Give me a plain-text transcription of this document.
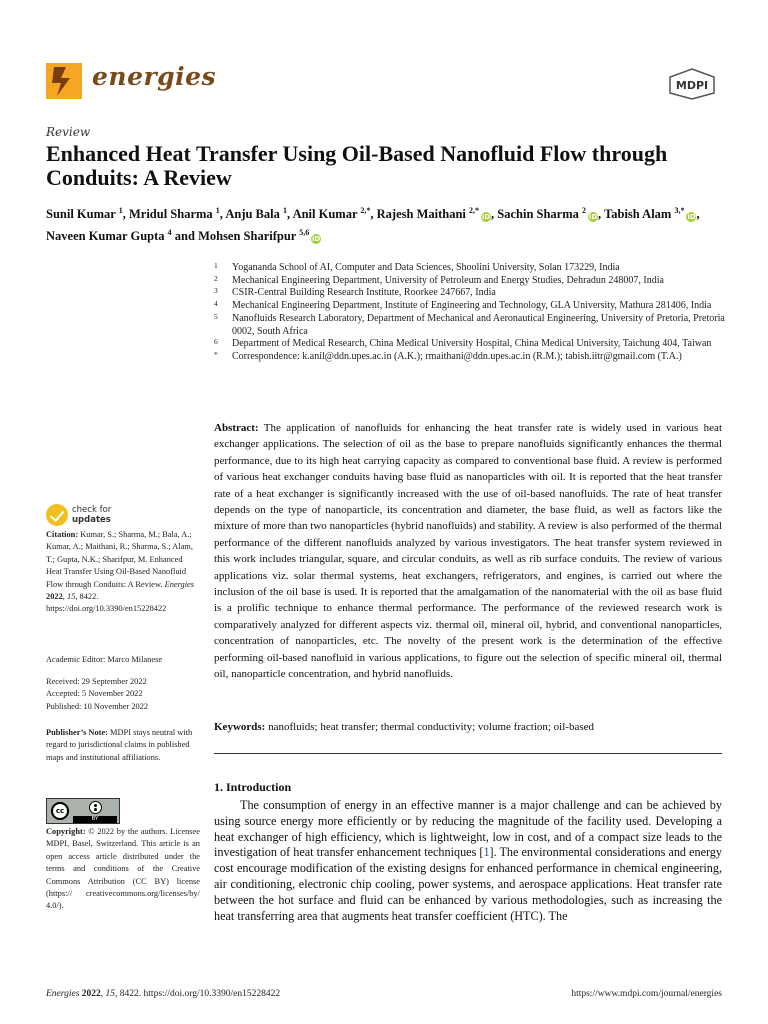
energies	MDPI
Review
Enhanced Heat Transfer Using Oil-Based Nanofluid Flow through Conduits: A Review
Sunil Kumar $^1$, Mridul Sharma $^1$, Anju Bala $^1$, Anil Kumar $^{2,*}$, Rajesh Maithani $^{2,*}$iD, Sachin Sharma $^2$iD, Tabish Alam $^{3,*}$iD, Naveen Kumar Gupta $^4$ and Mohsen Sharifpur $^{5,6}$iD
1 Yogananda School of AI, Computer and Data Sciences, Shoolini University, Solan 173229, India
2 Mechanical Engineering Department, University of Petroleum and Energy Studies, Dehradun 248007, India
3 CSIR-Central Building Research Institute, Roorkee 247667, India
4 Mechanical Engineering Department, Institute of Engineering and Technology, GLA University, Mathura 281406, India
5 Nanofluids Research Laboratory, Department of Mechanical and Aeronautical Engineering, University of Pretoria, Pretoria 0002, South Africa
6 Department of Medical Research, China Medical University Hospital, China Medical University, Taichung 404, Taiwan
* Correspondence: k.anil@ddn.upes.ac.in (A.K.); rmaithani@ddn.upes.ac.in (R.M.); tabish.iitr@gmail.com (T.A.)
Abstract: The application of nanofluids for enhancing the heat transfer rate is widely used in various heat exchanger applications. The selection of oil as the base to prepare nanofluids significantly enhances the thermal performance, due to its high heat carrying capacity as compared to conventional base fluid. A review is performed of various heat exchanger conduits having base fluid as nanoparticles with oil. It is reported that the heat transfer rate of a heat exchanger is significantly increased with the use of oil-based nanofluids. The rate of heat transfer depends on the type of nanoparticle, its concentration and diameter, the base fluid, as well as factors like the mixture of more than two nanoparticles (hybrid nanofluids) and stability. A review is also performed of the thermal performance of the different nanofluids analyzed by various investigators. The heat transfer system reviewed in this work includes triangular, square, and circular conduits, as well as rib surface conduits. The review of various applications viz. solar thermal systems, heat exchangers, refrigerators, and engines, is carried out where the inclusion of the oil base is used. It is reported that the amalgamation of the nanomaterial with the oil as base fluid is a prolific technique to enhance thermal performance. The performance of the reviewed research work is comparatively analyzed for different aspects viz. thermal oil, mineral oil, hybrid, and conventional nanoparticles, concentration of nanoparticles, etc. The novelty of the present work is the determination of the effective performing oil-based nanofluid in various applications, to figure out the selection of specific mineral oil, thermal oil, nanoparticle concentration, and hybrid nanofluids.
Keywords: nanofluids; heat transfer; thermal conductivity; volume fraction; oil-based
1. Introduction
The consumption of energy in an effective manner is a major challenge and can be achieved by using source energy more efficiently or by reducing the magnitude of the facility used. Developing a heat exchanger of high efficiency, which is lightweight, low in cost, and of a compact size leads to the investigation of heat transfer enhancement techniques [1]. The environmental considerations and energy cost encourage modification of the existing designs for enhanced performance in chemical engineering, air conditioning, electronic chip cooling, power systems, and aerospace applications. Heat transfer rate between the hot surface and fluid can be enhanced by various methodologies, such as increasing the heat transferring area that augments heat transfer coefficient (HTC). The
check for
updates
Citation: Kumar, S.; Sharma, M.; Bala, A.; Kumar, A.; Maithani, R.; Sharma, S.; Alam, T.; Gupta, N.K.; Sharifpur, M. Enhanced Heat Transfer Using Oil-Based Nanofluid Flow through Conduits: A Review. Energies 2022, 15, 8422. https://doi.org/10.3390/en15228422
Academic Editor: Marco Milanese
Received: 29 September 2022
Accepted: 5 November 2022
Published: 10 November 2022
Publisher’s Note: MDPI stays neutral with regard to jurisdictional claims in published maps and institutional affiliations.
cc
BY
Copyright: © 2022 by the authors. Licensee MDPI, Basel, Switzerland. This article is an open access article distributed under the terms and conditions of the Creative Commons Attribution (CC BY) license (https:// creativecommons.org/licenses/by/ 4.0/).
Energies 2022, 15, 8422. https://doi.org/10.3390/en15228422	https://www.mdpi.com/journal/energies
